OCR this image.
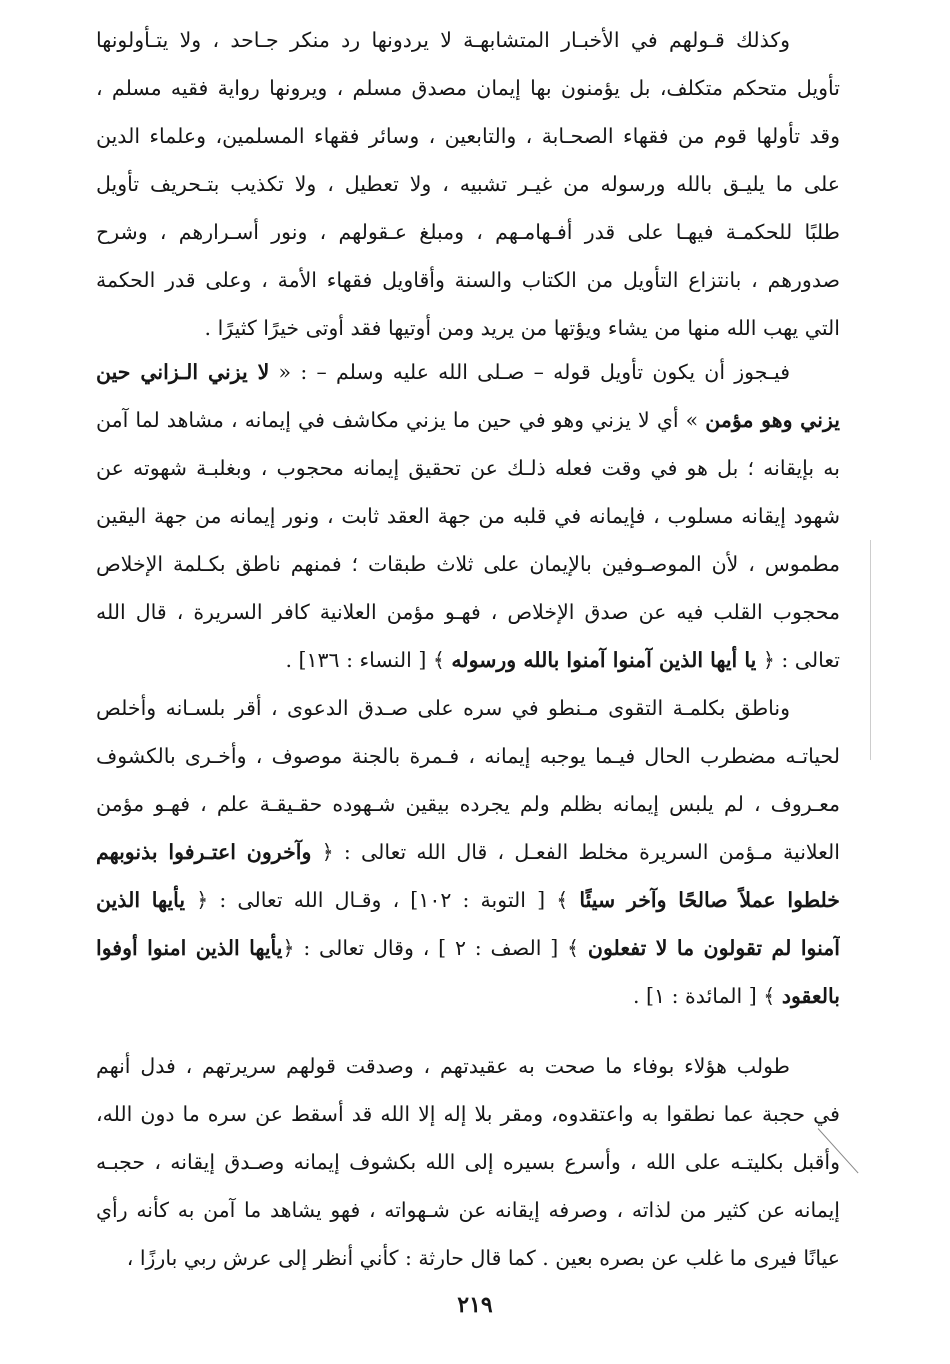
وكذلك قـولهم في الأخبـار المتشابهـة لا يردونها رد منكر جـاحد ، ولا يتـأولونها
تأويل متحكم متكلف، بل يؤمنون بها إيمان مصدق مسلم ، ويرونها رواية فقيه مسلم ،
وقد تأولها قوم من فقهاء الصحـابة ، والتابعين ، وسائر فقهاء المسلمين، وعلماء الدين
على ما يليـق بالله ورسوله من غيـر تشبيه ، ولا تعطيل ، ولا تكذيب بتـحريف تأويل
طلبًا للحكمـة فيهـا على قدر أفـهامـهم ، ومبلغ عـقولهم ، ونور أسـرارهم ، وشرح
صدورهم ، بانتزاع التأويل من الكتاب والسنة وأقاويل فقهاء الأمة ، وعلى قدر الحكمة
التي يهب الله منها من يشاء ويؤتها من يريد ومن أوتيها فقد أوتى خيرًا كثيرًا .
فيـجوز أن يكون تأويل قوله – صـلى الله عليه وسلم – : « لا يزني الـزاني حين
يزني وهو مؤمن » أي لا يزني وهو في حين ما يزني مكاشف في إيمانه ، مشاهد لما آمن
به بإيقانه ؛ بل هو في وقت فعله ذلـك عن تحقيق إيمانه محجوب ، وبغلبـة شهوته عن
شهود إيقانه مسلوب ، فإيمانه في قلبه من جهة العقد ثابت ، ونور إيمانه من جهة اليقين
مطموس ، لأن الموصـوفين بالإيمان على ثلاث طبقات ؛ فمنهم ناطق بكـلمة الإخلاص
محجوب القلب فيه عن صدق الإخلاص ، فهـو مؤمن العلانية كافر السريرة ، قال الله
تعالى : ﴿ يا أيها الذين آمنوا آمنوا بالله ورسوله ﴾ [ النساء : ١٣٦] .
وناطق بكلمـة التقوى مـنطو في سره على صـدق الدعوى ، أقر بلسـانه وأخلص
لحياتـه مضطرب الحال فيـما يوجبه إيمانه ، فـمرة بالجنة موصوف ، وأخـرى بالكشوف
معـروف ، لم يلبس إيمانه بظلم ولم يجرده بيقين شـهوده حقـيقـة علم ، فهـو مؤمن
العلانية مـؤمن السريرة مخلط الفعـل ، قال الله تعالى : ﴿ وآخرون اعتـرفوا بذنوبهم
خلطوا عملاً صالحًا وآخر سيئًا ﴾ [ التوبة : ١٠٢] ، وقـال الله تعالى : ﴿ يأيها الذين
آمنوا لم تقولون ما لا تفعلون ﴾ [ الصف : ٢ ] ، وقال تعالى : ﴿يأيها الذين امنوا أوفوا
بالعقود ﴾ [ المائدة : ١] .
طولب هؤلاء بوفاء ما صحت به عقيدتهم ، وصدقت قولهم سريرتهم ، فدل أنهم
في حجبة عما نطقوا به واعتقدوه، ومقر بلا إله إلا الله قد أسقط عن سره ما دون الله،
وأقبل بكليتـه على الله ، وأسرع بسيره إلى الله بكشوف إيمانه وصـدق إيقانه ، حجبـه
إيمانه عن كثير من لذاته ، وصرفه إيقانه عن شـهواته ، فهو يشاهد ما آمن به كأنه رأي
عيانًا فيرى ما غلب عن بصره بعين . كما قال حارثة : كأني أنظر إلى عرش ربي بارزًا ،
٢١٩
